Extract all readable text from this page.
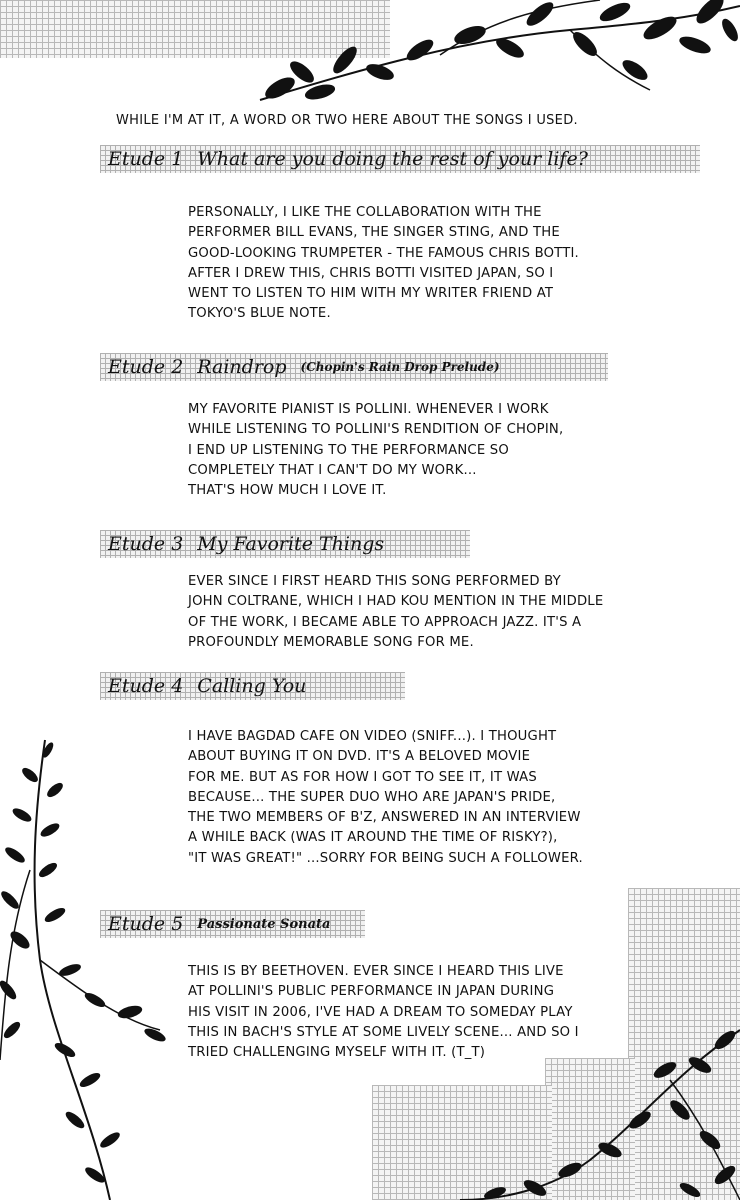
WHILE I'M AT IT, A WORD OR TWO HERE ABOUT THE SONGS I USED.
Etude 1 What are you doing the rest of your life?
PERSONALLY, I LIKE THE COLLABORATION WITH THE
PERFORMER BILL EVANS, THE SINGER STING, AND THE
GOOD-LOOKING TRUMPETER - THE FAMOUS CHRIS BOTTI.
AFTER I DREW THIS, CHRIS BOTTI VISITED JAPAN, SO I
WENT TO LISTEN TO HIM WITH MY WRITER FRIEND AT
TOKYO'S BLUE NOTE.
Etude 2 Raindrop (Chopin's Rain Drop Prelude)
MY FAVORITE PIANIST IS POLLINI. WHENEVER I WORK
WHILE LISTENING TO POLLINI'S RENDITION OF CHOPIN,
I END UP LISTENING TO THE PERFORMANCE SO
COMPLETELY THAT I CAN'T DO MY WORK...
THAT'S HOW MUCH I LOVE IT.
Etude 3 My Favorite Things
EVER SINCE I FIRST HEARD THIS SONG PERFORMED BY
JOHN COLTRANE, WHICH I HAD KOU MENTION IN THE MIDDLE
OF THE WORK, I BECAME ABLE TO APPROACH JAZZ. IT'S A
PROFOUNDLY MEMORABLE SONG FOR ME.
Etude 4 Calling You
I HAVE BAGDAD CAFE ON VIDEO (SNIFF...). I THOUGHT
ABOUT BUYING IT ON DVD. IT'S A BELOVED MOVIE
FOR ME. BUT AS FOR HOW I GOT TO SEE IT, IT WAS
BECAUSE... THE SUPER DUO WHO ARE JAPAN'S PRIDE,
THE TWO MEMBERS OF B'Z, ANSWERED IN AN INTERVIEW
A WHILE BACK (WAS IT AROUND THE TIME OF RISKY?),
"IT WAS GREAT!" ...SORRY FOR BEING SUCH A FOLLOWER.
Etude 5 Passionate Sonata
THIS IS BY BEETHOVEN. EVER SINCE I HEARD THIS LIVE
AT POLLINI'S PUBLIC PERFORMANCE IN JAPAN DURING
HIS VISIT IN 2006, I'VE HAD A DREAM TO SOMEDAY PLAY
THIS IN BACH'S STYLE AT SOME LIVELY SCENE... AND SO I
TRIED CHALLENGING MYSELF WITH IT. (T_T)
